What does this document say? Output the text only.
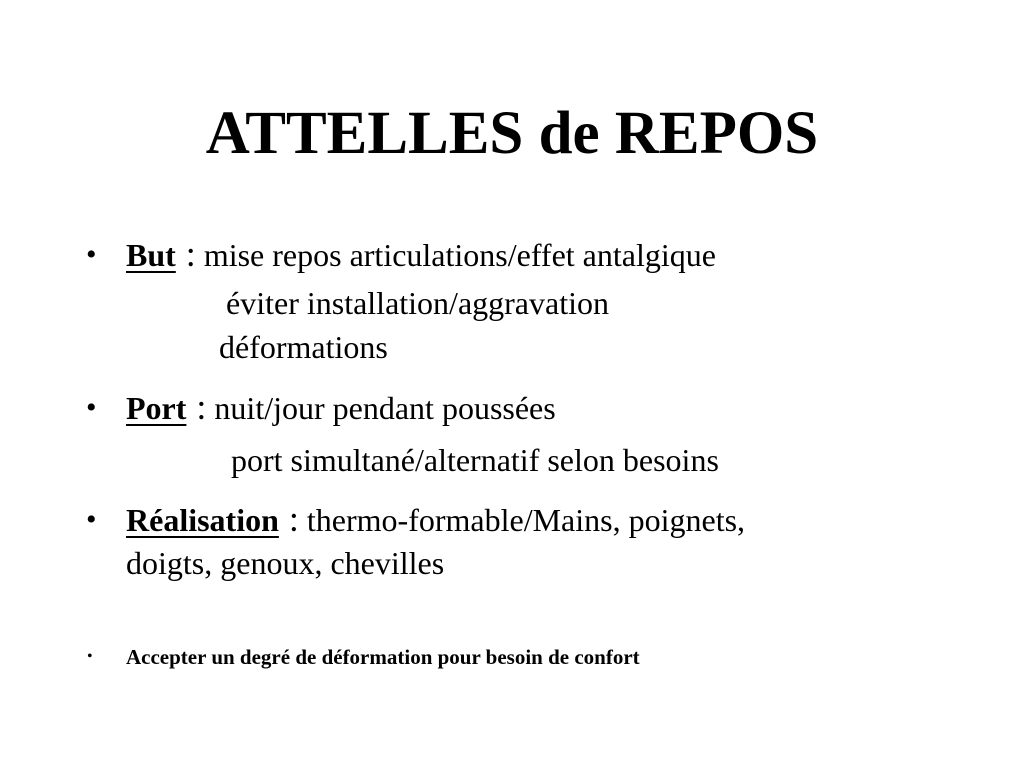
ATTELLES de REPOS
• But : mise repos articulations/effet antalgique
éviter installation/aggravation
déformations
• Port : nuit/jour pendant poussées
port simultané/alternatif selon besoins
• Réalisation : thermo-formable/Mains, poignets,
doigts, genoux, chevilles
• Accepter un degré de déformation pour besoin de confort
